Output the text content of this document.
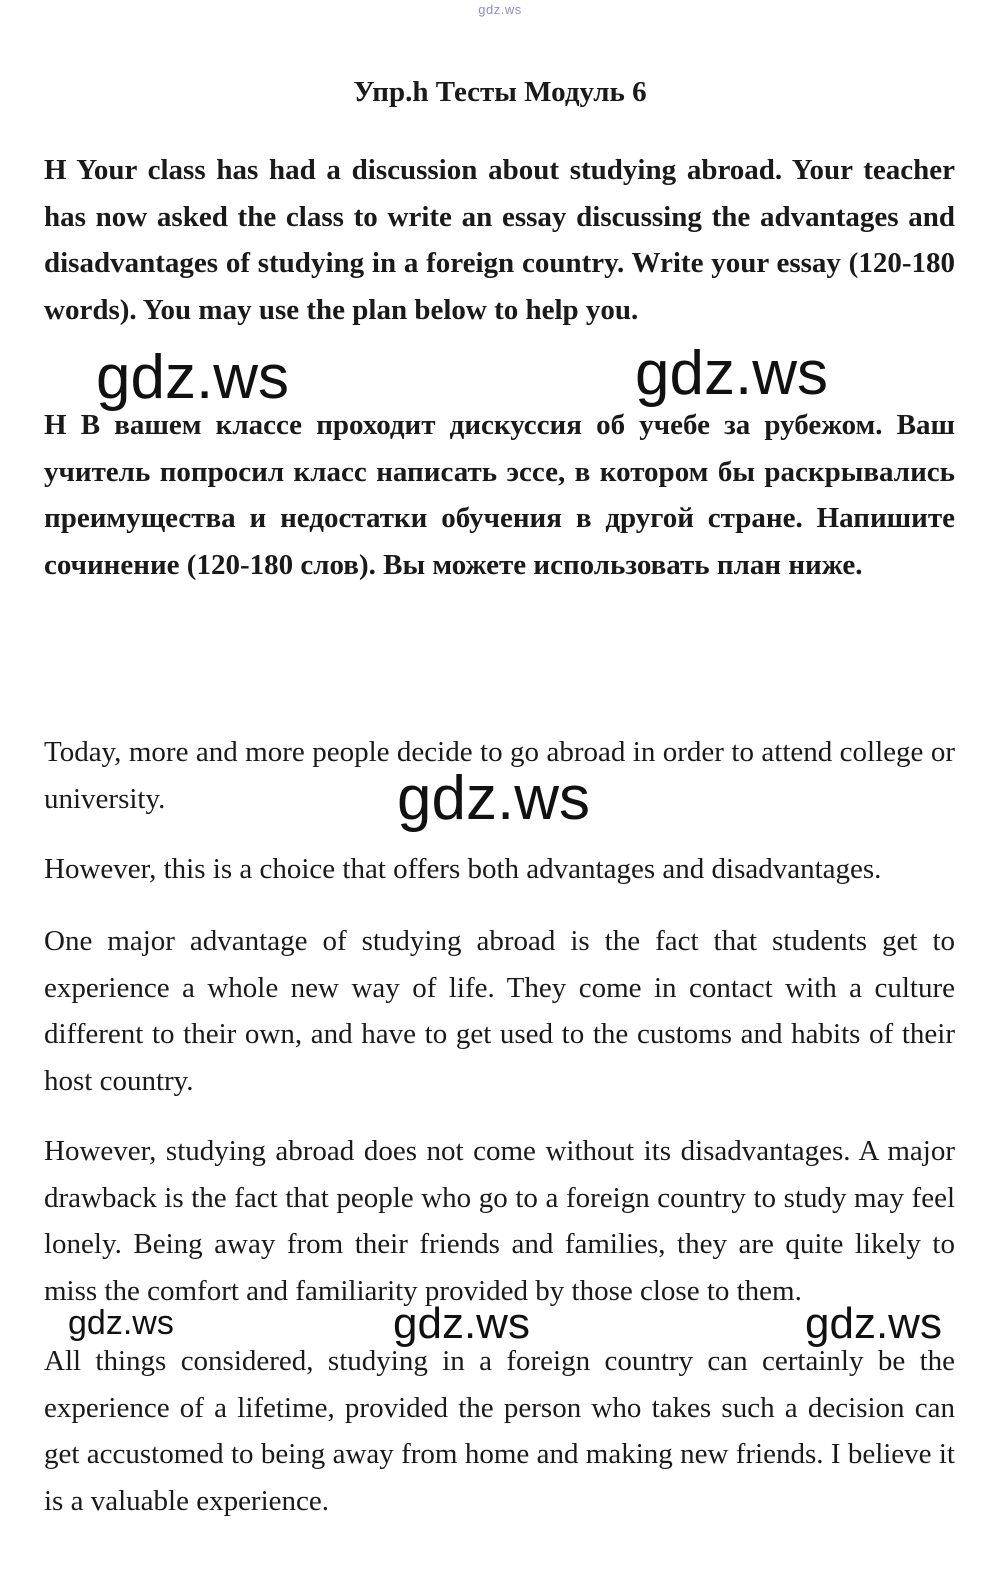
gdz.ws
Упр.h Тесты Модуль 6

H Your class has had a discussion about studying abroad. Your teacher has now asked the class to write an essay discussing the advantages and disadvantages of studying in a foreign country. Write your essay (120-180 words). You may use the plan below to help you.

H В вашем классе проходит дискуссия об учебе за рубежом. Ваш учитель попросил класс написать эссе, в котором бы раскрывались преимущества и недостатки обучения в другой стране. Напишите сочинение (120-180 слов). Вы можете использовать план ниже.

Today, more and more people decide to go abroad in order to attend college or university.

However, this is a choice that offers both advantages and disadvantages.

One major advantage of studying abroad is the fact that students get to experience a whole new way of life. They come in contact with a culture different to their own, and have to get used to the customs and habits of their host country.

However, studying abroad does not come without its disadvantages. A major drawback is the fact that people who go to a foreign country to study may feel lonely. Being away from their friends and families, they are quite likely to miss the comfort and familiarity provided by those close to them.

All things considered, studying in a foreign country can certainly be the experience of a lifetime, provided the person who takes such a decision can get accustomed to being away from home and making new friends. I believe it is a valuable experience.

gdz.ws	gdz.ws
gdz.ws
gdz.ws	gdz.ws	gdz.ws
